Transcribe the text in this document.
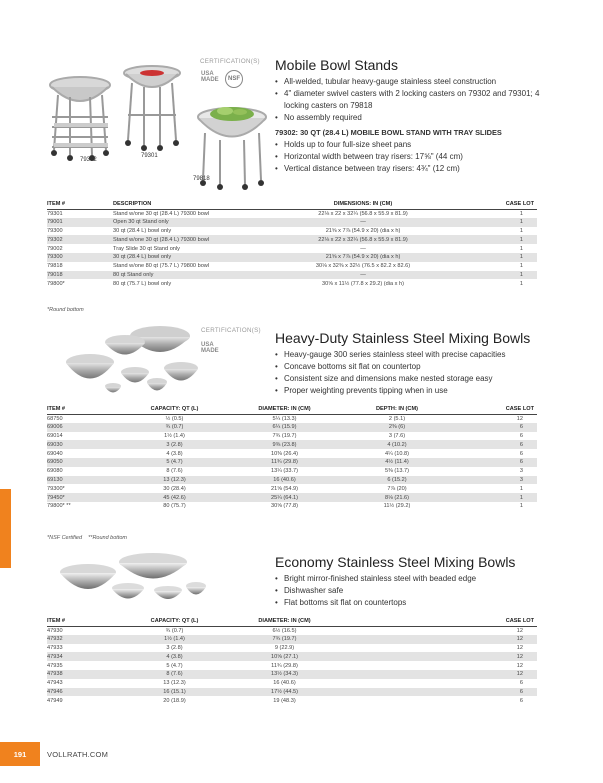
79302
79301
79818
CERTIFICATION(S)
USA MADE NSF
Mobile Bowl Stands
• All-welded, tubular heavy-gauge stainless steel construction
• 4" diameter swivel casters with 2 locking casters on 79302 and 79301; 4 locking casters on 79818
• No assembly required
79302: 30 QT (28.4 L) MOBILE BOWL STAND WITH TRAY SLIDES
• Holds up to four full-size sheet pans
• Horizontal width between tray risers: 17⅝" (44 cm)
• Vertical distance between tray risers: 4¾" (12 cm)
ITEM #	DESCRIPTION	DIMENSIONS: IN (CM)	CASE LOT
79301	Stand w/one 30 qt (28.4 L) 79300 bowl	22⅛ x 22 x 32¼ (56.8 x 55.9 x 81.9)	1
79001	Open 30 qt Stand only	—	1
79300	30 qt (28.4 L) bowl only	21⅝ x 7⅞ (54.9 x 20) (dia x h)	1
79302	Stand w/one 30 qt (28.4 L) 79300 bowl	22⅛ x 22 x 32¼ (56.8 x 55.9 x 81.9)	1
79002	Tray Slide 30 qt Stand only	—	1
79300	30 qt (28.4 L) bowl only	21⅝ x 7⅞ (54.9 x 20) (dia x h)	1
79818	Stand w/one 80 qt (75.7 L) 79800 bowl	30⅛ x 32⅜ x 32½ (76.5 x 82.2 x 82.6)	1
79018	80 qt Stand only	—	1
79800*	80 qt (75.7 L) bowl only	30⅝ x 11½ (77.8 x 29.2) (dia x h)	1
*Round bottom
CERTIFICATION(S)
USA MADE
Heavy-Duty Stainless Steel Mixing Bowls
• Heavy-gauge 300 series stainless steel with precise capacities
• Concave bottoms sit flat on countertop
• Consistent size and dimensions make nested storage easy
• Proper weighting prevents tipping when in use
ITEM #	CAPACITY: QT (L)	DIAMETER: IN (CM)	DEPTH: IN (CM)	CASE LOT
68750	½ (0.5)	5¼ (13.3)	2 (5.1)	12
69006	¾ (0.7)	6¼ (15.9)	2⅜ (6)	6
69014	1½ (1.4)	7¾ (19.7)	3 (7.6)	6
69030	3 (2.8)	9⅜ (23.8)	4 (10.2)	6
69040	4 (3.8)	10⅜ (26.4)	4¼ (10.8)	6
69050	5 (4.7)	11¾ (29.8)	4½ (11.4)	6
69080	8 (7.6)	13¼ (33.7)	5⅜ (13.7)	3
69130	13 (12.3)	16 (40.6)	6 (15.2)	3
79300*	30 (28.4)	21⅝ (54.9)	7⅞ (20)	1
79450*	45 (42.6)	25¼ (64.1)	8⅛ (21.6)	1
79800* **	80 (75.7)	30⅝ (77.8)	11½ (29.2)	1
*NSF Certified    **Round bottom
Economy Stainless Steel Mixing Bowls
• Bright mirror-finished stainless steel with beaded edge
• Dishwasher safe
• Flat bottoms sit flat on countertops
ITEM #	CAPACITY: QT (L)	DIAMETER: IN (CM)	CASE LOT
47930	¾ (0.7)	6½ (16.5)	12
47932	1½ (1.4)	7¾ (19.7)	12
47933	3 (2.8)	9 (22.9)	12
47934	4 (3.8)	10⅝ (27.1)	12
47935	5 (4.7)	11¾ (29.8)	12
47938	8 (7.6)	13½ (34.3)	12
47943	13 (12.3)	16 (40.6)	6
47946	16 (15.1)	17½ (44.5)	6
47949	20 (18.9)	19 (48.3)	6
191	VOLLRATH.COM
